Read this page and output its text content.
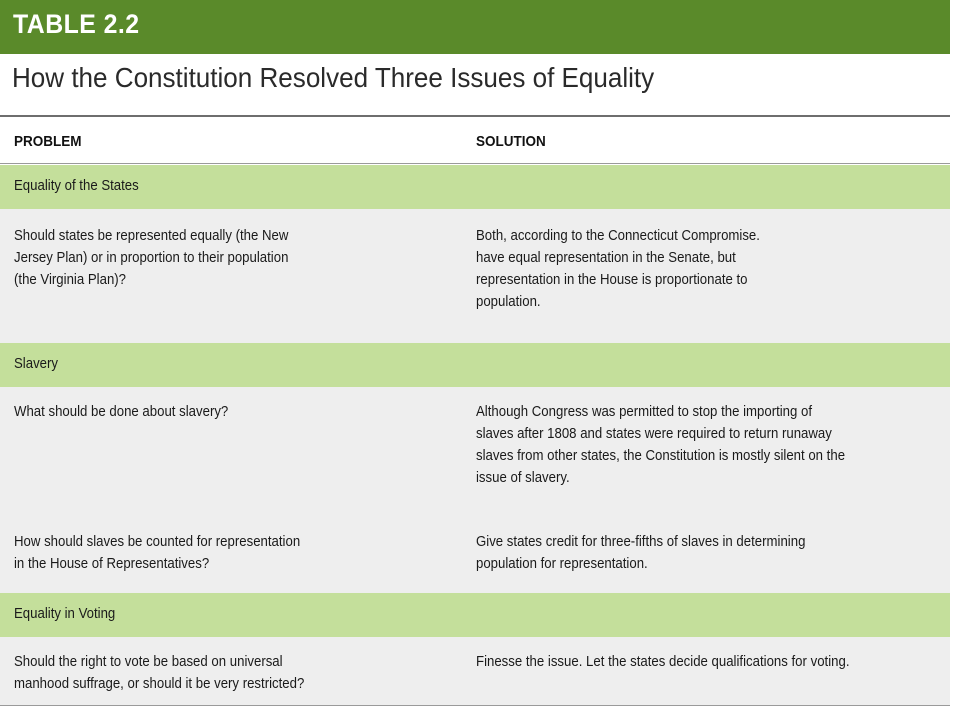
TABLE 2.2
How the Constitution Resolved Three Issues of Equality
PROBLEM	SOLUTION
Equality of the States
Should states be represented equally (the New
Jersey Plan) or in proportion to their population
(the Virginia Plan)?
Both, according to the Connecticut Compromise.
have equal representation in the Senate, but
representation in the House is proportionate to
population.
Slavery
What should be done about slavery?	Although Congress was permitted to stop the importing of
slaves after 1808 and states were required to return runaway
slaves from other states, the Constitution is mostly silent on the
issue of slavery.
How should slaves be counted for representation
in the House of Representatives?
Give states credit for three-fifths of slaves in determining
population for representation.
Equality in Voting
Should the right to vote be based on universal
manhood suffrage, or should it be very restricted?
Finesse the issue. Let the states decide qualifications for voting.
